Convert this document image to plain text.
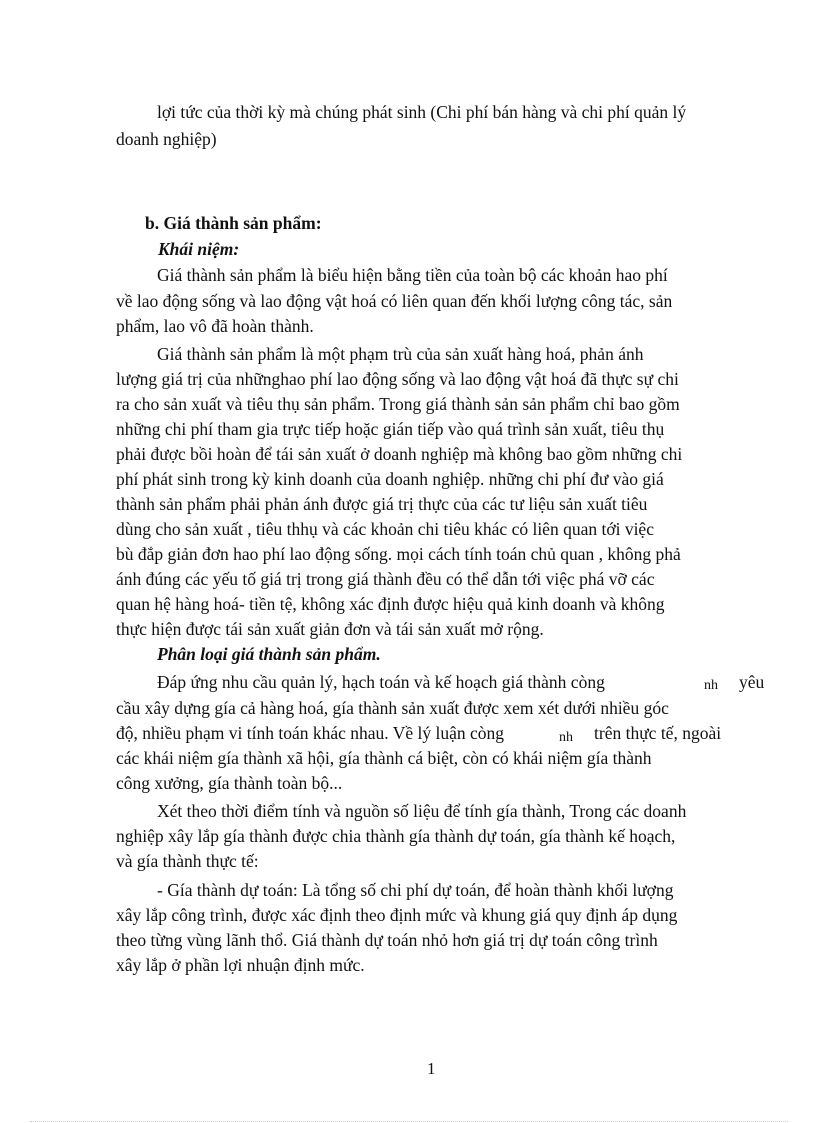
lợi tức của thời kỳ mà chúng phát sinh (Chi phí bán hàng và chi phí quản lý
doanh nghiệp)
b. Giá thành sản phẩm:
Khái niệm:
Giá thành sản phẩm là biểu hiện bằng tiền của toàn bộ các khoản hao phí
về lao động sống và lao động vật hoá có liên quan đến khối lượng công tác, sản
phẩm, lao vô đã hoàn thành.
Giá thành sản phẩm là một phạm trù của sản xuất hàng hoá, phản ánh
lượng giá trị của nhữnghao phí lao động sống và lao động vật hoá đã thực sự chi
ra cho sản xuất và tiêu thụ sản phẩm. Trong giá thành sản sản phẩm chỉ bao gồm
những chi phí tham gia trực tiếp hoặc gián tiếp vào quá trình sản xuất, tiêu thụ
phải được bồi hoàn để tái sản xuất ở doanh nghiệp mà không bao gồm những chi
phí phát sinh trong kỳ kinh doanh của doanh nghiệp. những chi phí đư vào giá
thành sản phẩm phải phản ánh được giá trị thực của các tư liệu sản xuất tiêu
dùng cho sản xuất , tiêu thhụ và các khoản chi tiêu khác có liên quan tới việc
bù đắp giản đơn hao phí lao động sống. mọi cách tính toán chủ quan , không phả
ánh đúng các yếu tố giá trị trong giá thành đều có thể dẫn tới việc phá vỡ các
quan hệ hàng hoá- tiền tệ, không xác định được hiệu quả kinh doanh và không
thực hiện được tái sản xuất giản đơn và tái sản xuất mở rộng.
Phân loại giá thành sản phẩm.
Đáp ứng nhu cầu quản lý, hạch toán và kế hoạch giá thành còng	nh yêu
cầu xây dựng gía cả hàng hoá, gía thành sản xuất được xem xét dưới nhiều góc
độ, nhiều phạm vi tính toán khác nhau. Về lý luận còng	nh trên thực tế, ngoài
các khái niệm gía thành xã hội, gía thành cá biệt, còn có khái niệm gía thành
công xưởng, gía thành toàn bộ...
Xét theo thời điểm tính và nguồn số liệu để tính gía thành, Trong các doanh
nghiệp xây lắp gía thành được chia thành gía thành dự toán, gía thành kế hoạch,
và gía thành thực tế:
- Gía thành dự toán: Là tổng số chi phí dự toán, để hoàn thành khối lượng
xây lắp công trình, được xác định theo định mức và khung giá quy định áp dụng
theo từng vùng lãnh thổ. Giá thành dự toán nhỏ hơn giá trị dự toán công trình
xây lắp ở phần lợi nhuận định mức.
1
